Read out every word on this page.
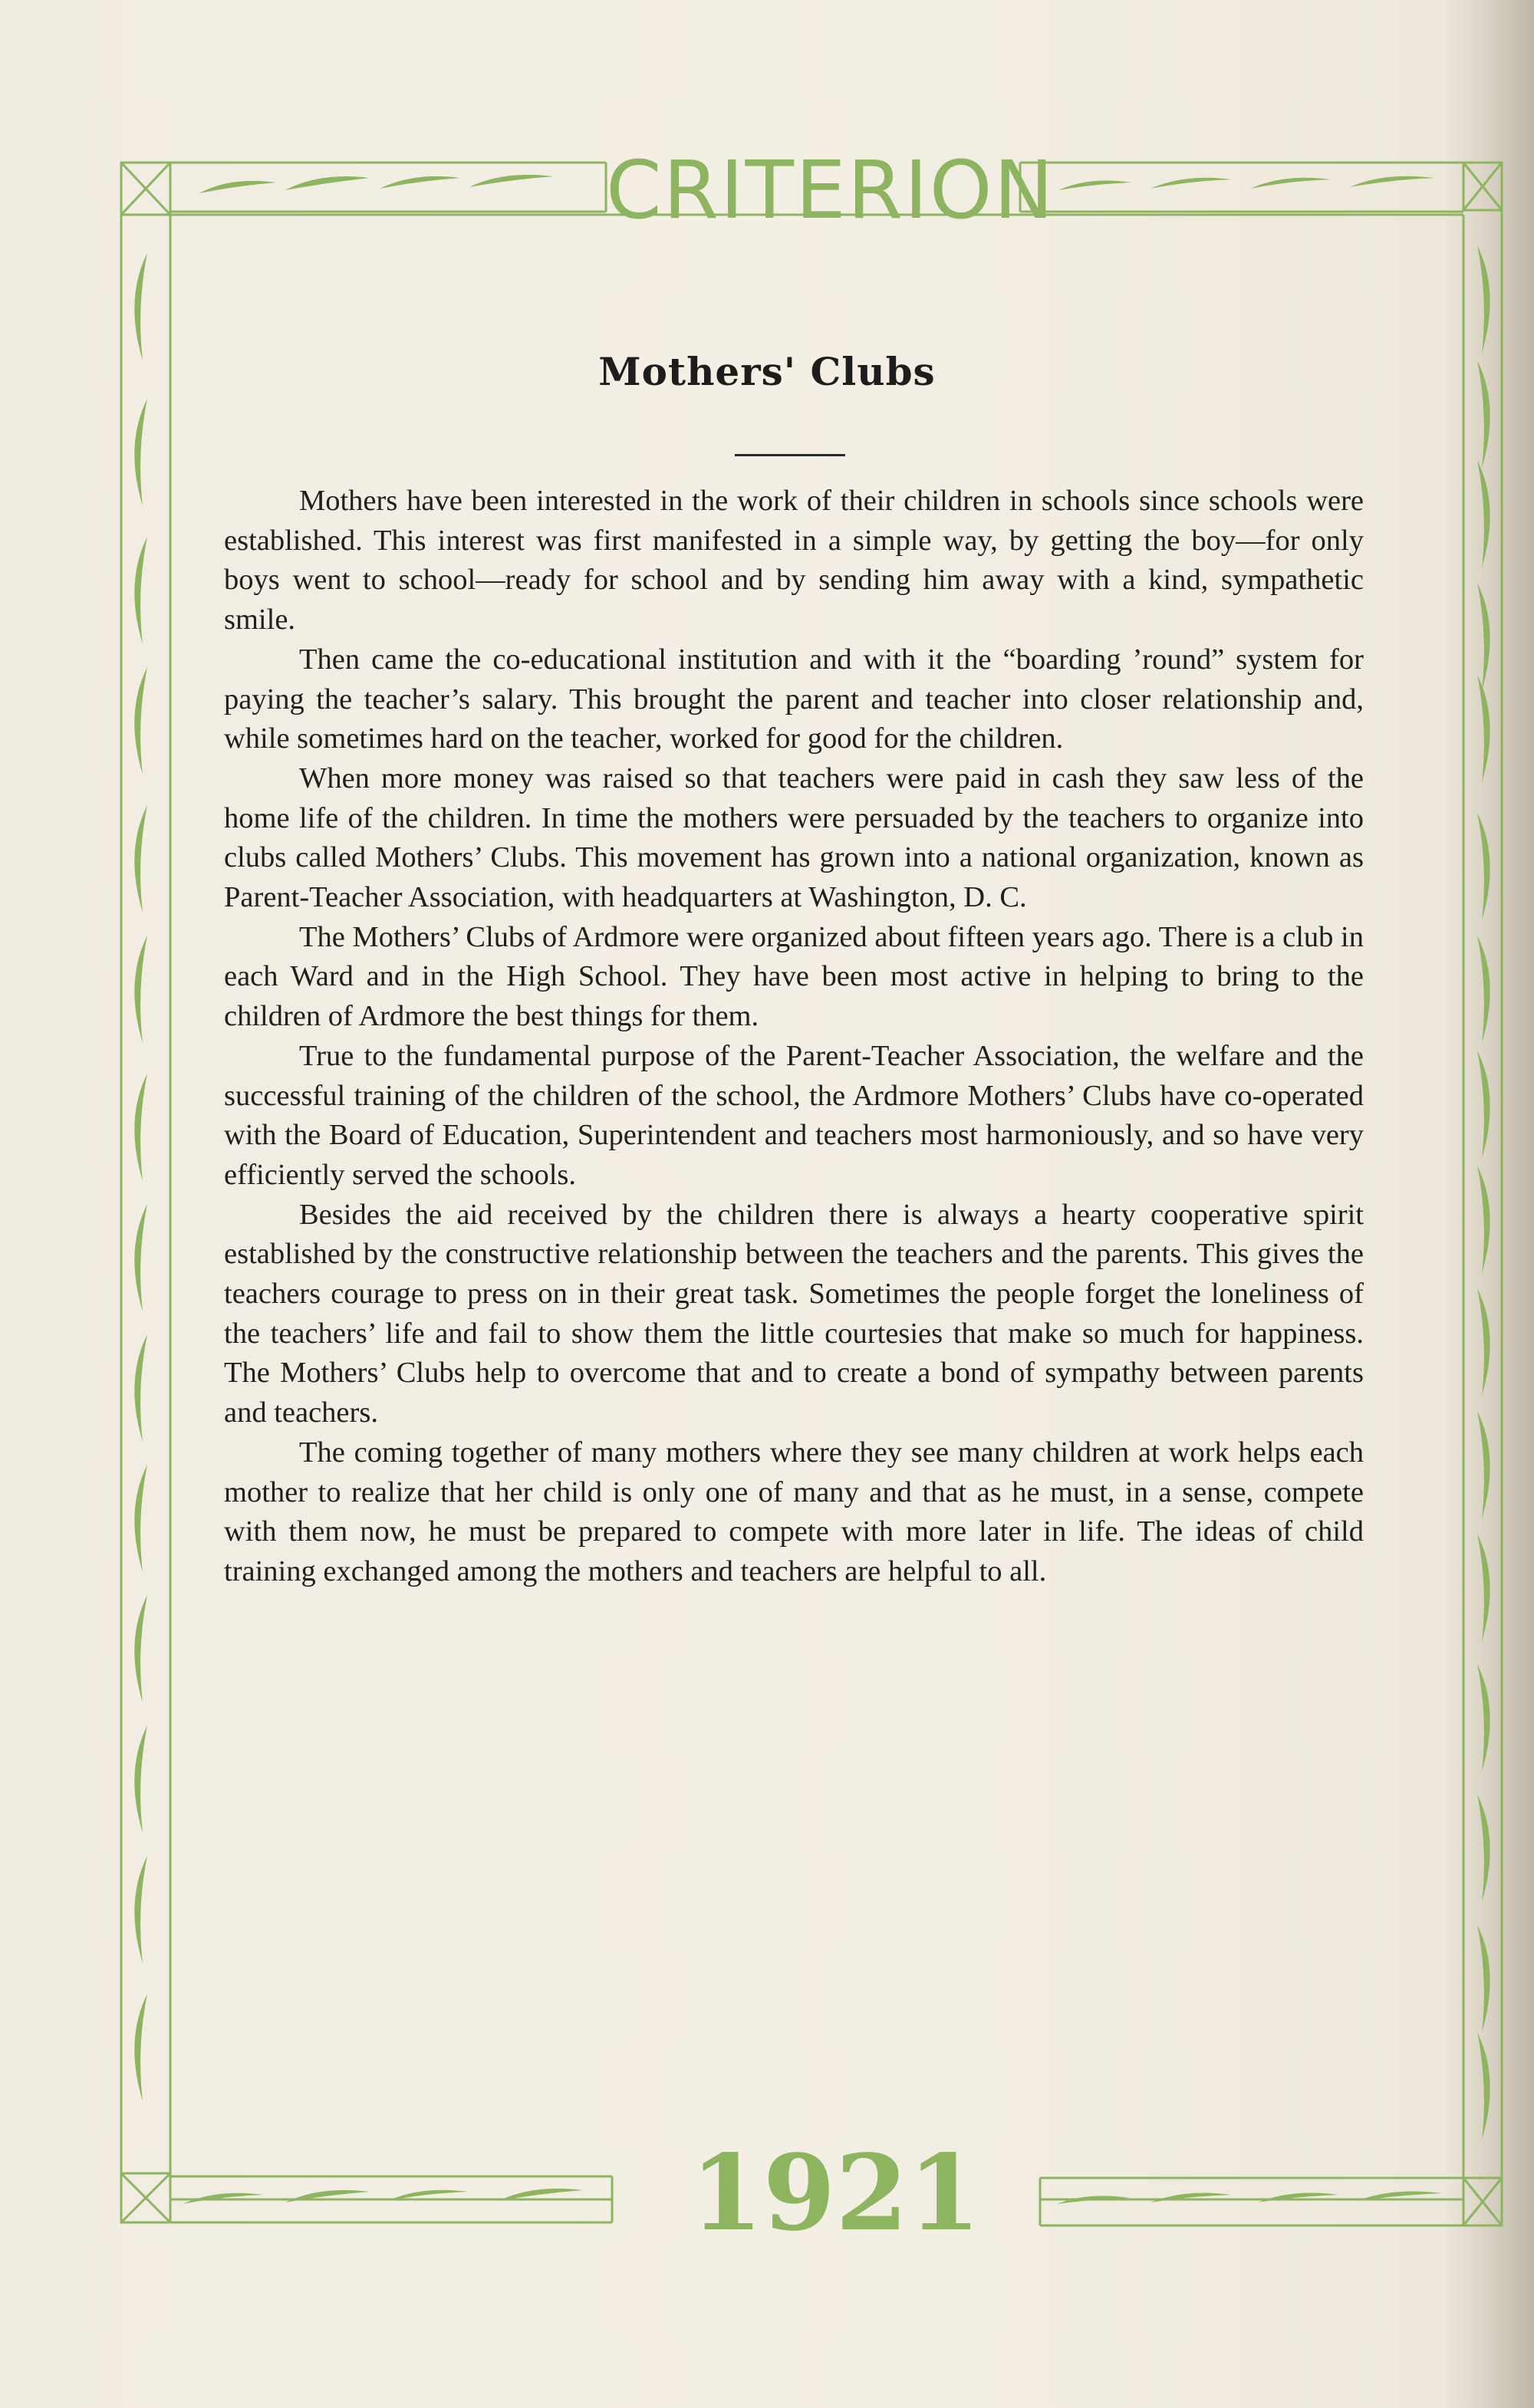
CRITERION
Mothers' Clubs

Mothers have been interested in the work of their children in schools since schools were established. This interest was first manifested in a simple way, by getting the boy—for only boys went to school—ready for school and by sending him away with a kind, sympathetic smile.

Then came the co-educational institution and with it the “boarding ’round” system for paying the teacher’s salary. This brought the parent and teacher into closer relationship and, while sometimes hard on the teacher, worked for good for the children.

When more money was raised so that teachers were paid in cash they saw less of the home life of the children. In time the mothers were persuaded by the teachers to organize into clubs called Mothers’ Clubs. This movement has grown into a national organization, known as Parent-Teacher Association, with headquarters at Washington, D. C.

The Mothers’ Clubs of Ardmore were organized about fifteen years ago. There is a club in each Ward and in the High School. They have been most active in helping to bring to the children of Ardmore the best things for them.

True to the fundamental purpose of the Parent-Teacher Association, the welfare and the successful training of the children of the school, the Ardmore Mothers’ Clubs have co-operated with the Board of Education, Superintendent and teachers most harmoniously, and so have very efficiently served the schools.

Besides the aid received by the children there is always a hearty cooperative spirit established by the constructive relationship between the teachers and the parents. This gives the teachers courage to press on in their great task. Sometimes the people forget the loneliness of the teachers’ life and fail to show them the little courtesies that make so much for happiness. The Mothers’ Clubs help to overcome that and to create a bond of sympathy between parents and teachers.

The coming together of many mothers where they see many children at work helps each mother to realize that her child is only one of many and that as he must, in a sense, compete with them now, he must be prepared to compete with more later in life. The ideas of child training exchanged among the mothers and teachers are helpful to all.

1921
